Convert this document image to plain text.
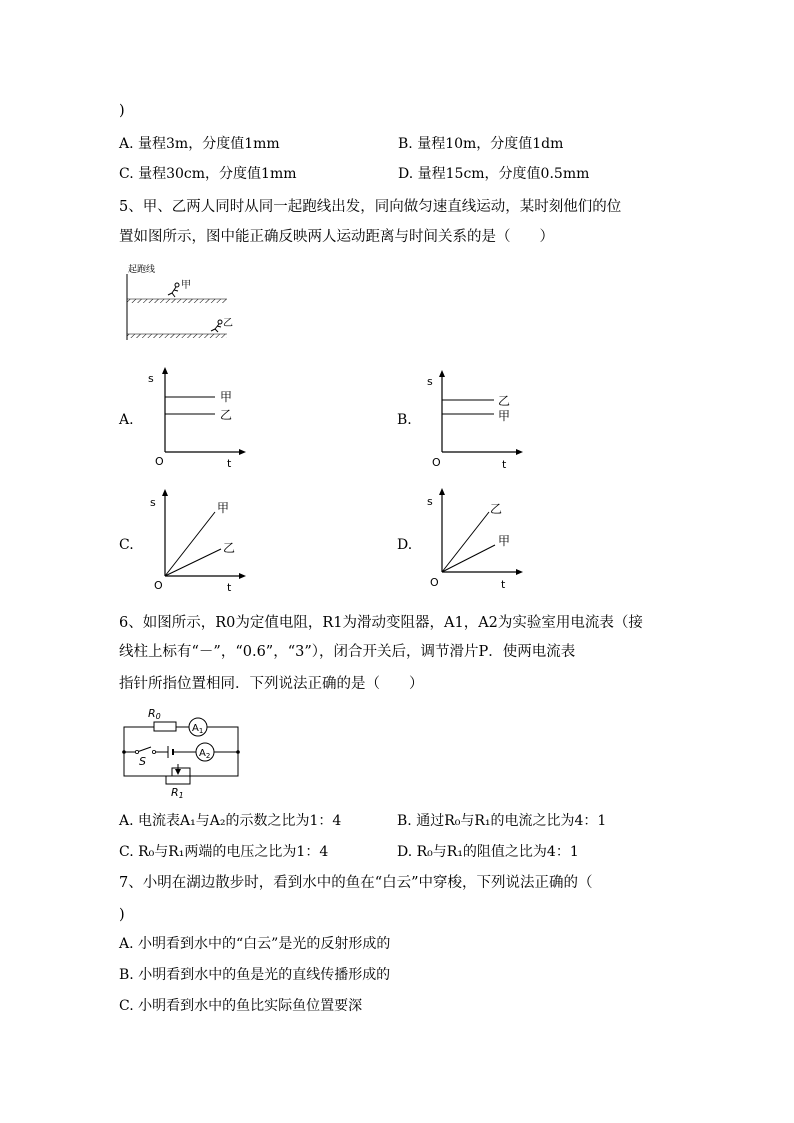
)
A. 量程3m，分度值1mm	B. 量程10m，分度值1dm
C. 量程30cm，分度值1mm	D. 量程15cm，分度值0.5mm
5、甲、乙两人同时从同一起跑线出发，同向做匀速直线运动，某时刻他们的位
置如图所示，图中能正确反映两人运动距离与时间关系的是（　　）
起跑线
甲
乙
A.
s
t
O
甲
乙	B.
s
t
O
乙
甲
C.
s
t
O
甲
乙	D.
s
t
O
乙
甲
6、如图所示，R0为定值电阻，R1为滑动变阻器，A1，A2为实验室用电流表（接
线柱上标有“－”，“0.6”，“3”），闭合开关后，调节滑片P．使两电流表
指针所指位置相同．下列说法正确的是（　　）
R0
$A_1$
$A_2$
S
R1
A. 电流表A₁与A₂的示数之比为1：4	B. 通过R₀与R₁的电流之比为4：1
C. R₀与R₁两端的电压之比为1：4	D. R₀与R₁的阻值之比为4：1
7、小明在湖边散步时，看到水中的鱼在“白云”中穿梭，下列说法正确的（
)
A. 小明看到水中的“白云”是光的反射形成的
B. 小明看到水中的鱼是光的直线传播形成的
C. 小明看到水中的鱼比实际鱼位置要深
